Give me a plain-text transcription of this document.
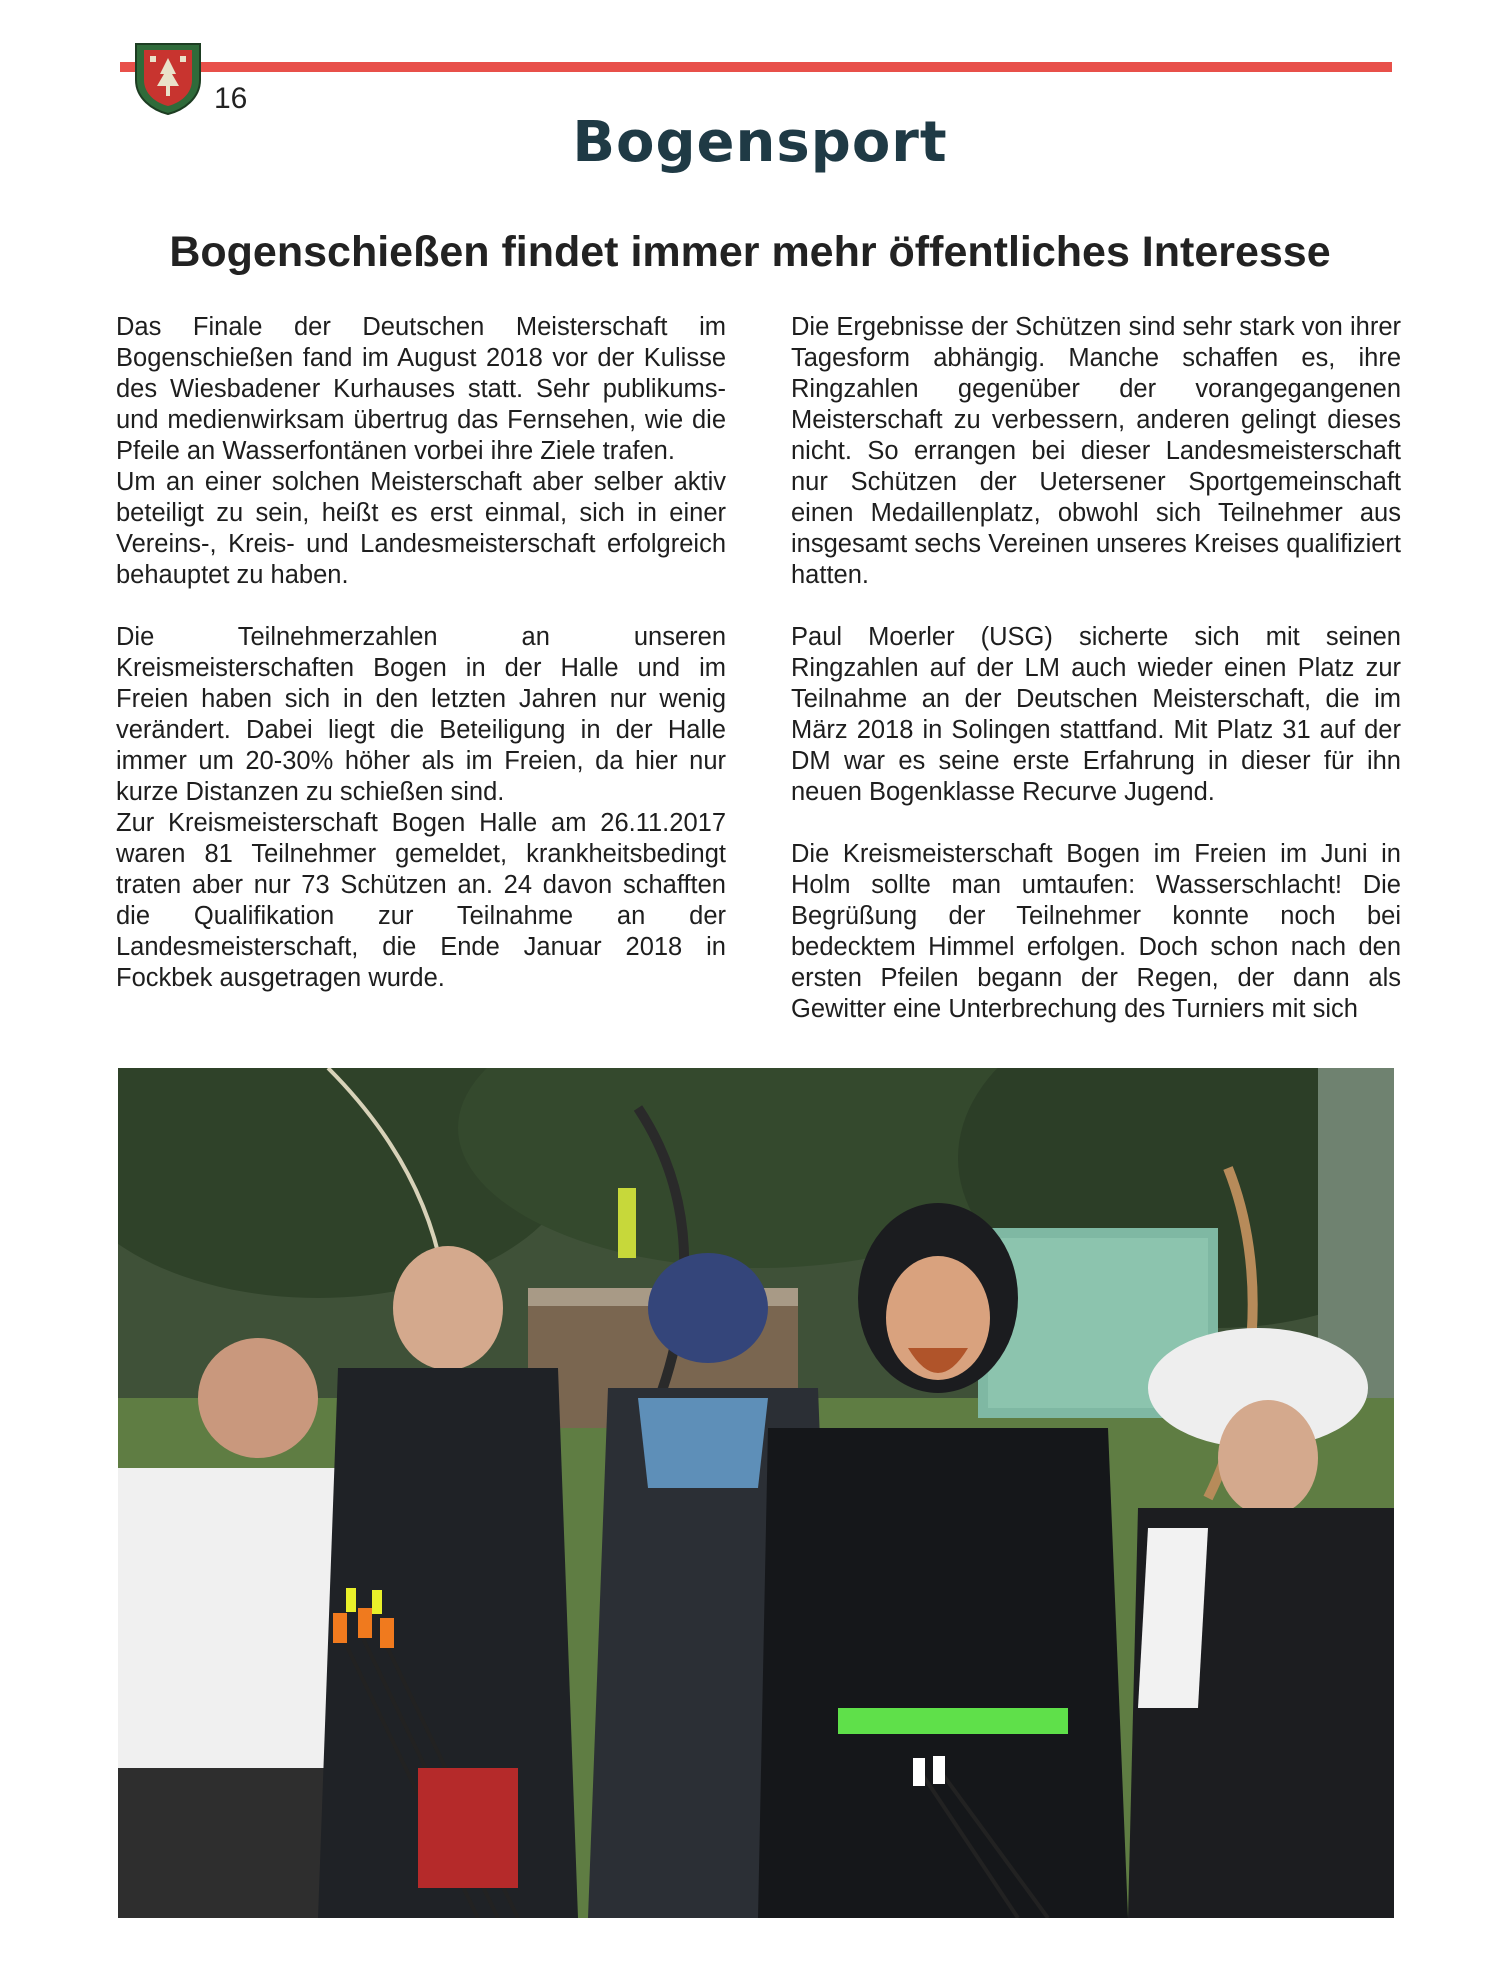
16
Bogensport
Bogenschießen findet immer mehr öffentliches Interesse

Das Finale der Deutschen Meisterschaft im Bogenschießen fand im August 2018 vor der Kulisse des Wiesbadener Kurhauses statt. Sehr publikums- und medienwirksam übertrug das Fernsehen, wie die Pfeile an Wasserfontänen vorbei ihre Ziele trafen.

Um an einer solchen Meisterschaft aber selber aktiv beteiligt zu sein, heißt es erst einmal, sich in einer Vereins-, Kreis- und Landesmeisterschaft erfolgreich behauptet zu haben.

Die Teilnehmerzahlen an unseren Kreismeisterschaften Bogen in der Halle und im Freien haben sich in den letzten Jahren nur wenig verändert. Dabei liegt die Beteiligung in der Halle immer um 20-30% höher als im Freien, da hier nur kurze Distanzen zu schießen sind.

Zur Kreismeisterschaft Bogen Halle am 26.11.2017 waren 81 Teilnehmer gemeldet, krankheitsbedingt traten aber nur 73 Schützen an. 24 davon schafften die Qualifikation zur Teilnahme an der Landesmeisterschaft, die Ende Januar 2018 in Fockbek ausgetragen wurde.

Die Ergebnisse der Schützen sind sehr stark von ihrer Tagesform abhängig. Manche schaffen es, ihre Ringzahlen gegenüber der vorangegangenen Meisterschaft zu verbessern, anderen gelingt dieses nicht. So errangen bei dieser Landesmeisterschaft nur Schützen der Uetersener Sportgemeinschaft einen Medaillenplatz, obwohl sich Teilnehmer aus insgesamt sechs Vereinen unseres Kreises qualifiziert hatten.

Paul Moerler (USG) sicherte sich mit seinen Ringzahlen auf der LM auch wieder einen Platz zur Teilnahme an der Deutschen Meisterschaft, die im März 2018 in Solingen stattfand. Mit Platz 31 auf der DM war es seine erste Erfahrung in dieser für ihn neuen Bogenklasse Recurve Jugend.

Die Kreismeisterschaft Bogen im Freien im Juni in Holm sollte man umtaufen: Wasserschlacht! Die Begrüßung der Teilnehmer konnte noch bei bedecktem Himmel erfolgen. Doch schon nach den ersten Pfeilen begann der Regen, der dann als Gewitter eine Unterbrechung des Turniers mit sich
